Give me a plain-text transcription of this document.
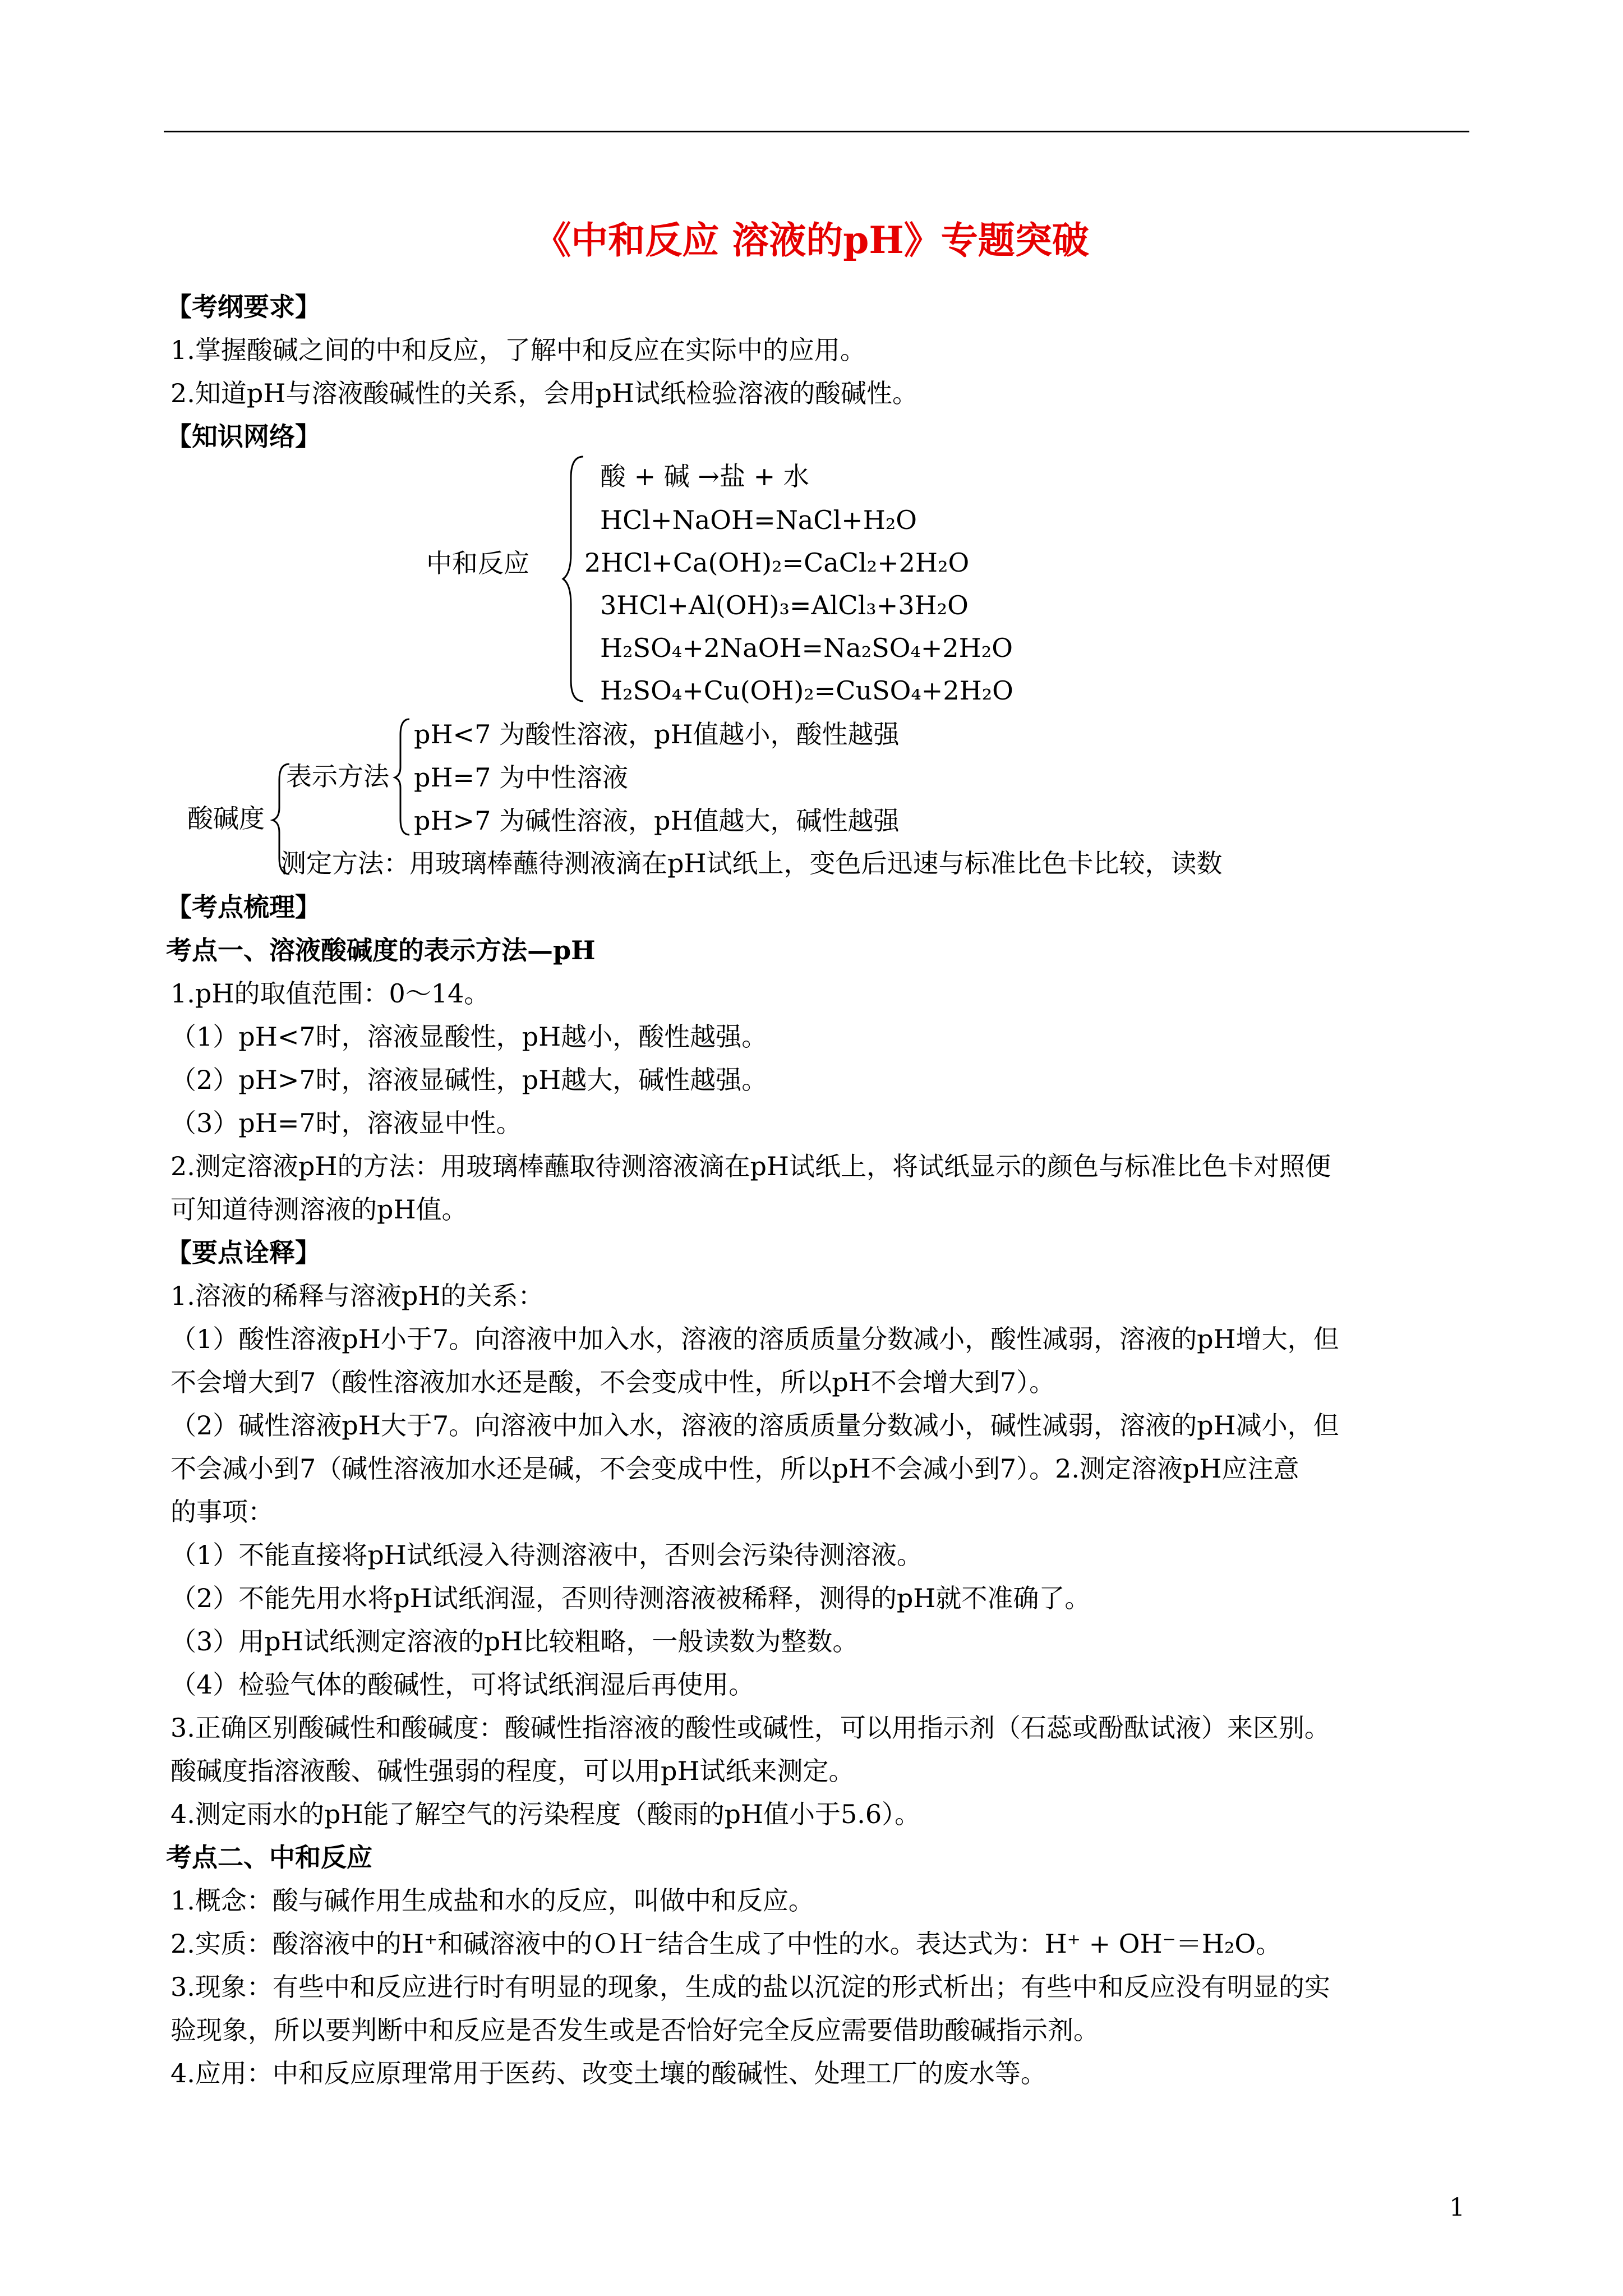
《中和反应 溶液的pH》专题突破
【考纲要求】
1.掌握酸碱之间的中和反应，了解中和反应在实际中的应用。
2.知道pH与溶液酸碱性的关系，会用pH试纸检验溶液的酸碱性。
【知识网络】
中和反应
酸 + 碱 →盐 + 水
HCl+NaOH=NaCl+H₂O
2HCl+Ca(OH)₂=CaCl₂+2H₂O
3HCl+Al(OH)₃=AlCl₃+3H₂O
H₂SO₄+2NaOH=Na₂SO₄+2H₂O
H₂SO₄+Cu(OH)₂=CuSO₄+2H₂O
酸碱度
表示方法
pH<7 为酸性溶液，pH值越小，酸性越强
pH=7 为中性溶液
pH>7 为碱性溶液，pH值越大，碱性越强
测定方法：用玻璃棒蘸待测液滴在pH试纸上，变色后迅速与标准比色卡比较，读数
【考点梳理】
考点一、溶液酸碱度的表示方法—pH
1.pH的取值范围：0～14。
（1）pH<7时，溶液显酸性，pH越小，酸性越强。
（2）pH>7时，溶液显碱性，pH越大，碱性越强。
（3）pH=7时，溶液显中性。
2.测定溶液pH的方法：用玻璃棒蘸取待测溶液滴在pH试纸上，将试纸显示的颜色与标准比色卡对照便
可知道待测溶液的pH值。
【要点诠释】
1.溶液的稀释与溶液pH的关系：
（1）酸性溶液pH小于7。向溶液中加入水，溶液的溶质质量分数减小，酸性减弱，溶液的pH增大，但
不会增大到7（酸性溶液加水还是酸，不会变成中性，所以pH不会增大到7）。
（2）碱性溶液pH大于7。向溶液中加入水，溶液的溶质质量分数减小，碱性减弱，溶液的pH减小，但
不会减小到7（碱性溶液加水还是碱，不会变成中性，所以pH不会减小到7）。2.测定溶液pH应注意
的事项：
（1）不能直接将pH试纸浸入待测溶液中，否则会污染待测溶液。
（2）不能先用水将pH试纸润湿，否则待测溶液被稀释，测得的pH就不准确了。
（3）用pH试纸测定溶液的pH比较粗略，一般读数为整数。
（4）检验气体的酸碱性，可将试纸润湿后再使用。
3.正确区别酸碱性和酸碱度：酸碱性指溶液的酸性或碱性，可以用指示剂（石蕊或酚酞试液）来区别。
酸碱度指溶液酸、碱性强弱的程度，可以用pH试纸来测定。
4.测定雨水的pH能了解空气的污染程度（酸雨的pH值小于5.6）。
考点二、中和反应
1.概念：酸与碱作用生成盐和水的反应，叫做中和反应。
2.实质：酸溶液中的H⁺和碱溶液中的ＯＨ⁻结合生成了中性的水。表达式为：H⁺ + OH⁻＝H₂O。
3.现象：有些中和反应进行时有明显的现象，生成的盐以沉淀的形式析出；有些中和反应没有明显的实
验现象，所以要判断中和反应是否发生或是否恰好完全反应需要借助酸碱指示剂。
4.应用：中和反应原理常用于医药、改变土壤的酸碱性、处理工厂的废水等。
1
